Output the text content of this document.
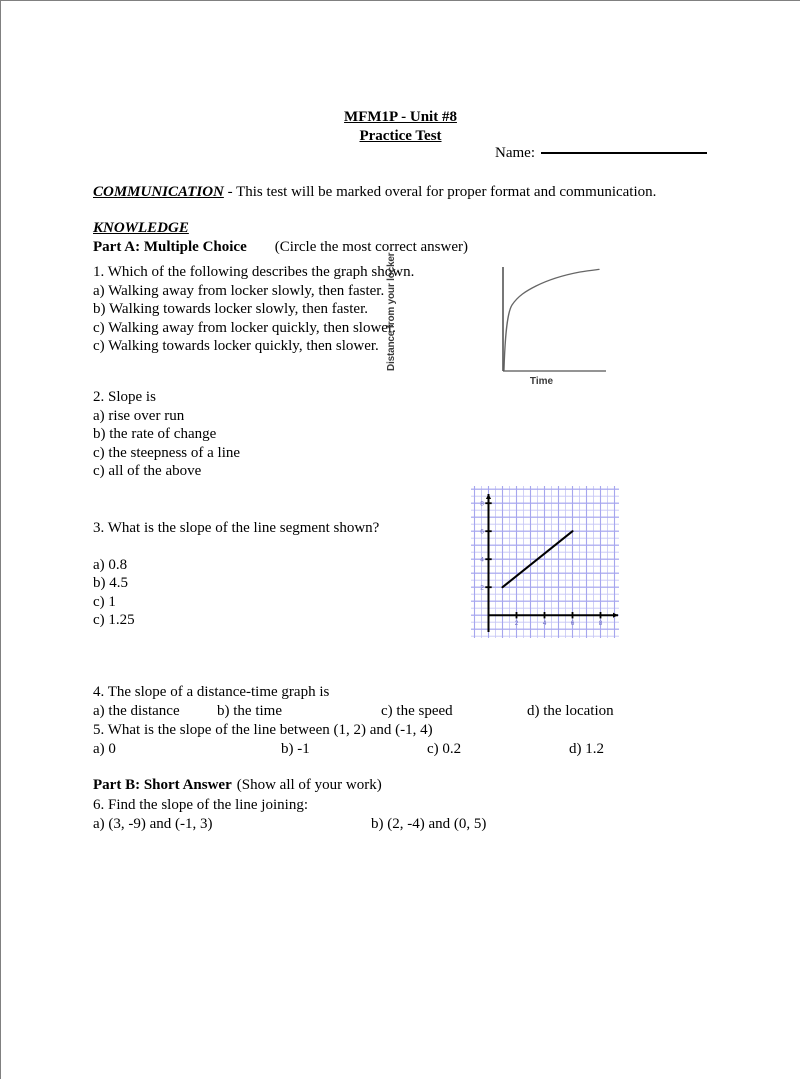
MFM1P - Unit #8
Practice Test
Name:
COMMUNICATION - This test will be marked overal for proper format and communication.
KNOWLEDGE
Part A: Multiple Choice (Circle the most correct answer)
1. Which of the following describes the graph shown.
a) Walking away from locker slowly, then faster.
b) Walking towards locker slowly, then faster.
c) Walking away from locker quickly, then slower.
c) Walking towards locker quickly, then slower. Distance from your locker
Time
2. Slope is
a) rise over run
b) the rate of change
c) the steepness of a line
c) all of the above
3. What is the slope of the line segment shown?
a) 0.8
b) 4.5
c) 1
c) 1.25	2	4	6	8
2
4
6
8
4. The slope of a distance-time graph is
a) the distance b) the time	c) the speed	d) the location
5. What is the slope of the line between (1, 2) and (-1, 4)
a) 0	b) -1	c) 0.2	d) 1.2
Part B: Short Answer (Show all of your work)
6. Find the slope of the line joining:
a) (3, -9) and (-1, 3)	b) (2, -4) and (0, 5)
